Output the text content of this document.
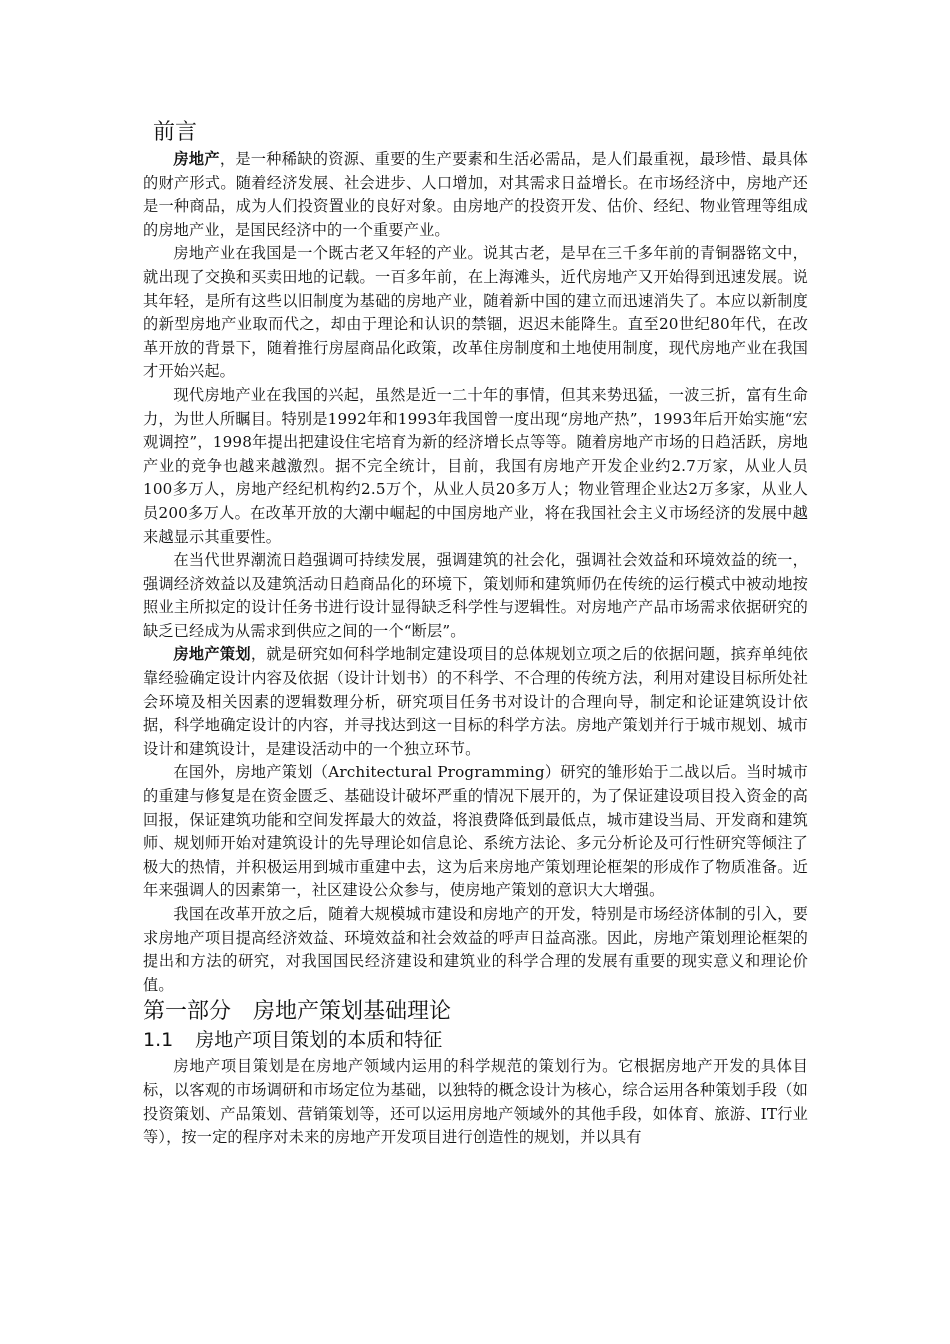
前言

房地产，是一种稀缺的资源、重要的生产要素和生活必需品，是人们最重视，最珍惜、最具体的财产形式。随着经济发展、社会进步、人口增加，对其需求日益增长。在市场经济中，房地产还是一种商品，成为人们投资置业的良好对象。由房地产的投资开发、估价、经纪、物业管理等组成的房地产业，是国民经济中的一个重要产业。

房地产业在我国是一个既古老又年轻的产业。说其古老，是早在三千多年前的青铜器铭文中，就出现了交换和买卖田地的记载。一百多年前，在上海滩头，近代房地产又开始得到迅速发展。说其年轻，是所有这些以旧制度为基础的房地产业，随着新中国的建立而迅速消失了。本应以新制度的新型房地产业取而代之，却由于理论和认识的禁锢，迟迟未能降生。直至20世纪80年代，在改革开放的背景下，随着推行房屋商品化政策，改革住房制度和土地使用制度，现代房地产业在我国才开始兴起。

现代房地产业在我国的兴起，虽然是近一二十年的事情，但其来势迅猛，一波三折，富有生命力，为世人所瞩目。特别是1992年和1993年我国曾一度出现“房地产热”，1993年后开始实施“宏观调控”，1998年提出把建设住宅培育为新的经济增长点等等。随着房地产市场的日趋活跃，房地产业的竞争也越来越激烈。据不完全统计，目前，我国有房地产开发企业约2.7万家，从业人员100多万人，房地产经纪机构约2.5万个，从业人员20多万人；物业管理企业达2万多家，从业人员200多万人。在改革开放的大潮中崛起的中国房地产业，将在我国社会主义市场经济的发展中越来越显示其重要性。

在当代世界潮流日趋强调可持续发展，强调建筑的社会化，强调社会效益和环境效益的统一，强调经济效益以及建筑活动日趋商品化的环境下，策划师和建筑师仍在传统的运行模式中被动地按照业主所拟定的设计任务书进行设计显得缺乏科学性与逻辑性。对房地产产品市场需求依据研究的缺乏已经成为从需求到供应之间的一个“断层”。

房地产策划，就是研究如何科学地制定建设项目的总体规划立项之后的依据问题，摈弃单纯依靠经验确定设计内容及依据（设计计划书）的不科学、不合理的传统方法，利用对建设目标所处社会环境及相关因素的逻辑数理分析，研究项目任务书对设计的合理向导，制定和论证建筑设计依据，科学地确定设计的内容，并寻找达到这一目标的科学方法。房地产策划并行于城市规划、城市设计和建筑设计，是建设活动中的一个独立环节。

在国外，房地产策划（Architectural Programming）研究的雏形始于二战以后。当时城市的重建与修复是在资金匮乏、基础设计破坏严重的情况下展开的，为了保证建设项目投入资金的高回报，保证建筑功能和空间发挥最大的效益，将浪费降低到最低点，城市建设当局、开发商和建筑师、规划师开始对建筑设计的先导理论如信息论、系统方法论、多元分析论及可行性研究等倾注了极大的热情，并积极运用到城市重建中去，这为后来房地产策划理论框架的形成作了物质准备。近年来强调人的因素第一，社区建设公众参与，使房地产策划的意识大大增强。

我国在改革开放之后，随着大规模城市建设和房地产的开发，特别是市场经济体制的引入，要求房地产项目提高经济效益、环境效益和社会效益的呼声日益高涨。因此，房地产策划理论框架的提出和方法的研究，对我国国民经济建设和建筑业的科学合理的发展有重要的现实意义和理论价值。

第一部分 房地产策划基础理论
1.1 房地产项目策划的本质和特征

房地产项目策划是在房地产领域内运用的科学规范的策划行为。它根据房地产开发的具体目标，以客观的市场调研和市场定位为基础，以独特的概念设计为核心，综合运用各种策划手段（如投资策划、产品策划、营销策划等，还可以运用房地产领域外的其他手段，如体育、旅游、IT行业等），按一定的程序对未来的房地产开发项目进行创造性的规划，并以具有
